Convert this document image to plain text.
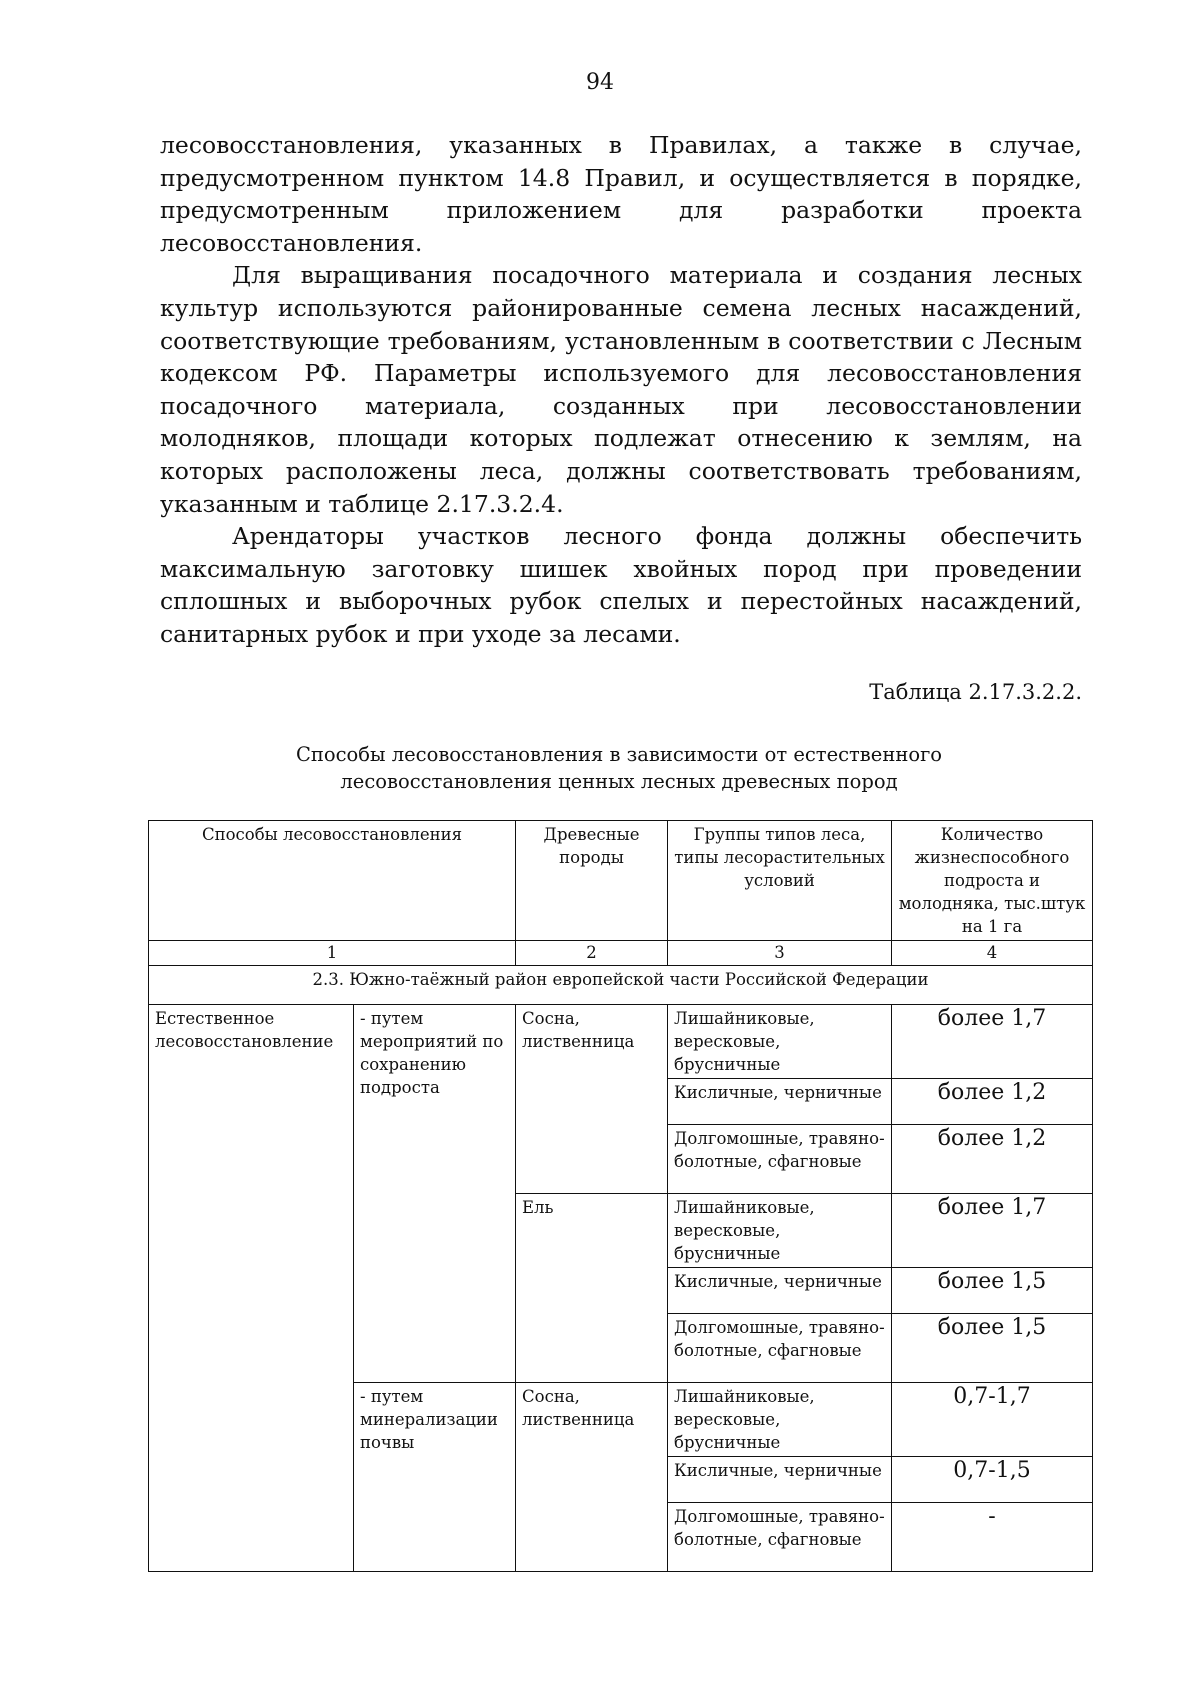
94

лесовосстановления, указанных в Правилах, а также в случае, предусмотренном пунктом 14.8 Правил, и осуществляется в порядке, предусмотренным приложением для разработки проекта лесовосстановления.

Для выращивания посадочного материала и создания лесных культур используются районированные семена лесных насаждений, соответствующие требованиям, установленным в соответствии с Лесным кодексом РФ. Параметры используемого для лесовосстановления посадочного материала, созданных при лесовосстановлении молодняков, площади которых подлежат отнесению к землям, на которых расположены леса, должны соответствовать требованиям, указанным и таблице 2.17.3.2.4.

Арендаторы участков лесного фонда должны обеспечить максимальную заготовку шишек хвойных пород при проведении сплошных и выборочных рубок спелых и перестойных насаждений, санитарных рубок и при уходе за лесами.

Таблица 2.17.3.2.2.
Способы лесовосстановления в зависимости от естественного
лесовосстановления ценных лесных древесных пород
Способы лесовосстановления		Древесные породы	Группы типов леса, типы лесорастительных условий	Количество жизнеспособного подроста и молодняка, тыс.штук на 1 га
1		2	3	4
2.3. Южно-таёжный район европейской части Российской Федерации				
Естественное лесовосстановление	- путем мероприятий по сохранению подроста	Сосна, лиственница	Лишайниковые, вересковые, брусничные	более 1,7
			Кисличные, черничные	более 1,2
			Долгомошные, травяно-болотные, сфагновые	более 1,2
		Ель	Лишайниковые, вересковые, брусничные	более 1,7
			Кисличные, черничные	более 1,5
			Долгомошные, травяно-болотные, сфагновые	более 1,5
	- путем минерализации почвы	Сосна, лиственница	Лишайниковые, вересковые, брусничные	0,7-1,7
			Кисличные, черничные	0,7-1,5
			Долгомошные, травяно-болотные, сфагновые	-
